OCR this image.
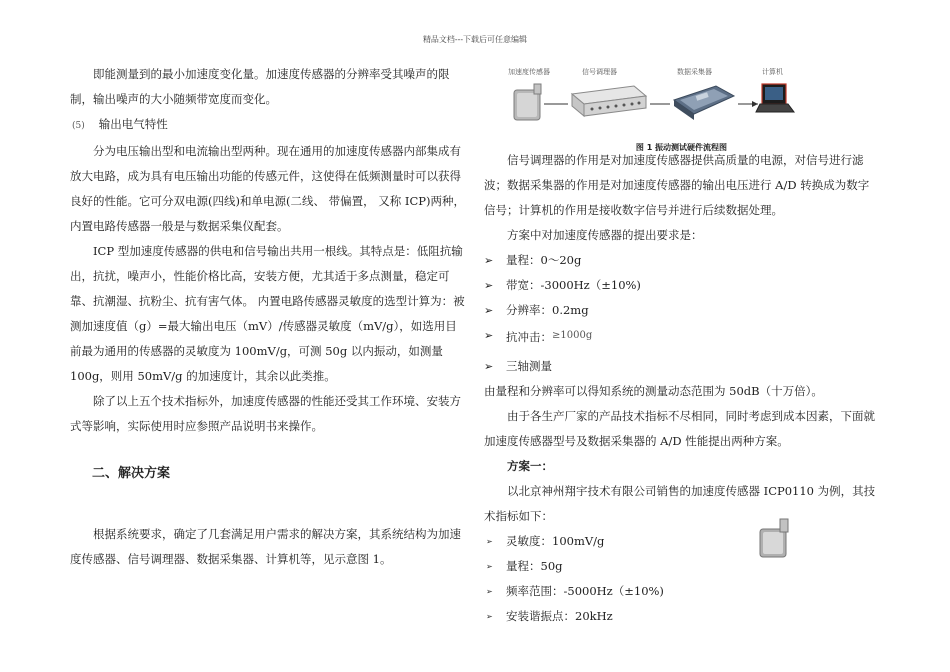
精品文档---下载后可任意编辑

即能测量到的最小加速度变化量。加速度传感器的分辨率受其噪声的限制，输出噪声的大小随频带宽度而变化。

(5) 输出电气特性

分为电压输出型和电流输出型两种。现在通用的加速度传感器内部集成有放大电路，成为具有电压输出功能的传感元件，这使得在低频测量时可以获得良好的性能。它可分双电源(四线)和单电源(二线、 带偏置， 又称 ICP)两种，内置电路传感器一般是与数据采集仪配套。

ICP 型加速度传感器的供电和信号输出共用一根线。其特点是：低阻抗输出，抗扰，噪声小，性能价格比高，安装方便，尤其适于多点测量，稳定可靠、抗潮湿、抗粉尘、抗有害气体。 内置电路传感器灵敏度的选型计算为：被测加速度值（g）=最大输出电压（mV）/传感器灵敏度（mV/g），如选用目前最为通用的传感器的灵敏度为 100mV/g，可测 50g 以内振动，如测量 100g，则用 50mV/g 的加速度计，其余以此类推。

除了以上五个技术指标外，加速度传感器的性能还受其工作环境、安装方式等影响，实际使用时应参照产品说明书来操作。

二、解决方案

根据系统要求，确定了几套满足用户需求的解决方案，其系统结构为加速度传感器、信号调理器、数据采集器、计算机等，见示意图 1。

加速度传感器	信号调理器	数据采集器	计算机

图 1 振动测试硬件流程图

信号调理器的作用是对加速度传感器提供高质量的电源，对信号进行滤波；数据采集器的作用是对加速度传感器的输出电压进行 A/D 转换成为数字信号；计算机的作用是接收数字信号并进行后续数据处理。

方案中对加速度传感器的提出要求是：

➢ 量程：0～20g
➢ 带宽：-3000Hz（±10%)
➢ 分辨率：0.2mg
➢ 抗冲击：≥1000g
➢ 三轴测量

由量程和分辨率可以得知系统的测量动态范围为 50dB（十万倍）。

由于各生产厂家的产品技术指标不尽相同，同时考虑到成本因素，下面就加速度传感器型号及数据采集器的 A/D 性能提出两种方案。

方案一：

以北京神州翔宇技术有限公司销售的加速度传感器 ICP0110 为例，其技术指标如下：

➢ 灵敏度：100mV/g
➢ 量程：50g
➢ 频率范围：-5000Hz（±10%)
➢ 安装谐振点：20kHz
